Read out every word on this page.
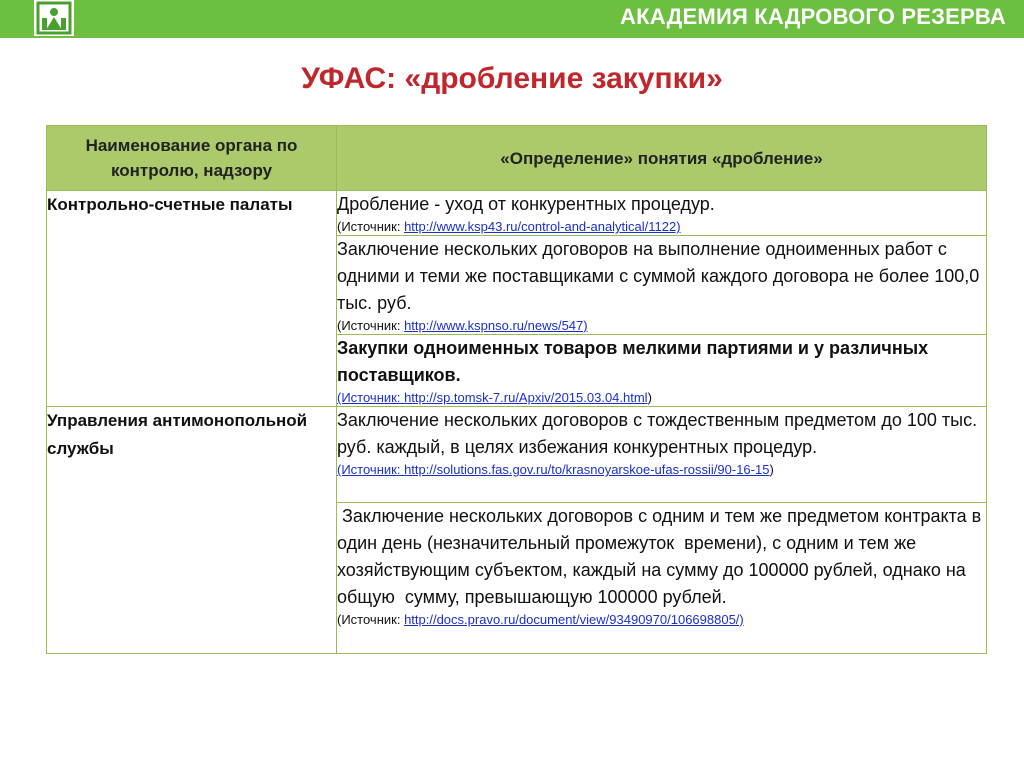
АКАДЕМИЯ КАДРОВОГО РЕЗЕРВА
УФАС: «дробление закупки»
Наименование органа по контролю, надзору	«Определение» понятия «дробление»
Контрольно-счетные палаты	Дробление - уход от конкурентных процедур.
(Источник: http://www.ksp43.ru/control-and-analytical/1122)

	Заключение нескольких договоров на выполнение одноименных работ с одними и теми же поставщиками с суммой каждого договора не более 100,0 тыс. руб.
(Источник: http://www.kspnso.ru/news/547)

	Закупки одноименных товаров мелкими партиями и у различных поставщиков.
(Источник: http://sp.tomsk-7.ru/Apxiv/2015.03.04.html)

Управления антимонопольной службы	Заключение нескольких договоров с тождественным предметом до 100 тыс. руб. каждый, в целях избежания конкурентных процедур.
(Источник: http://solutions.fas.gov.ru/to/krasnoyarskoe-ufas-rossii/90-16-15)

	Заключение нескольких договоров с одним и тем же предметом контракта в один день (незначительный промежуток  времени), с одним и тем же хозяйствующим субъектом, каждый на сумму до 100000 рублей, однако на общую  сумму, превышающую 100000 рублей.
(Источник: http://docs.pravo.ru/document/view/93490970/106698805/)
